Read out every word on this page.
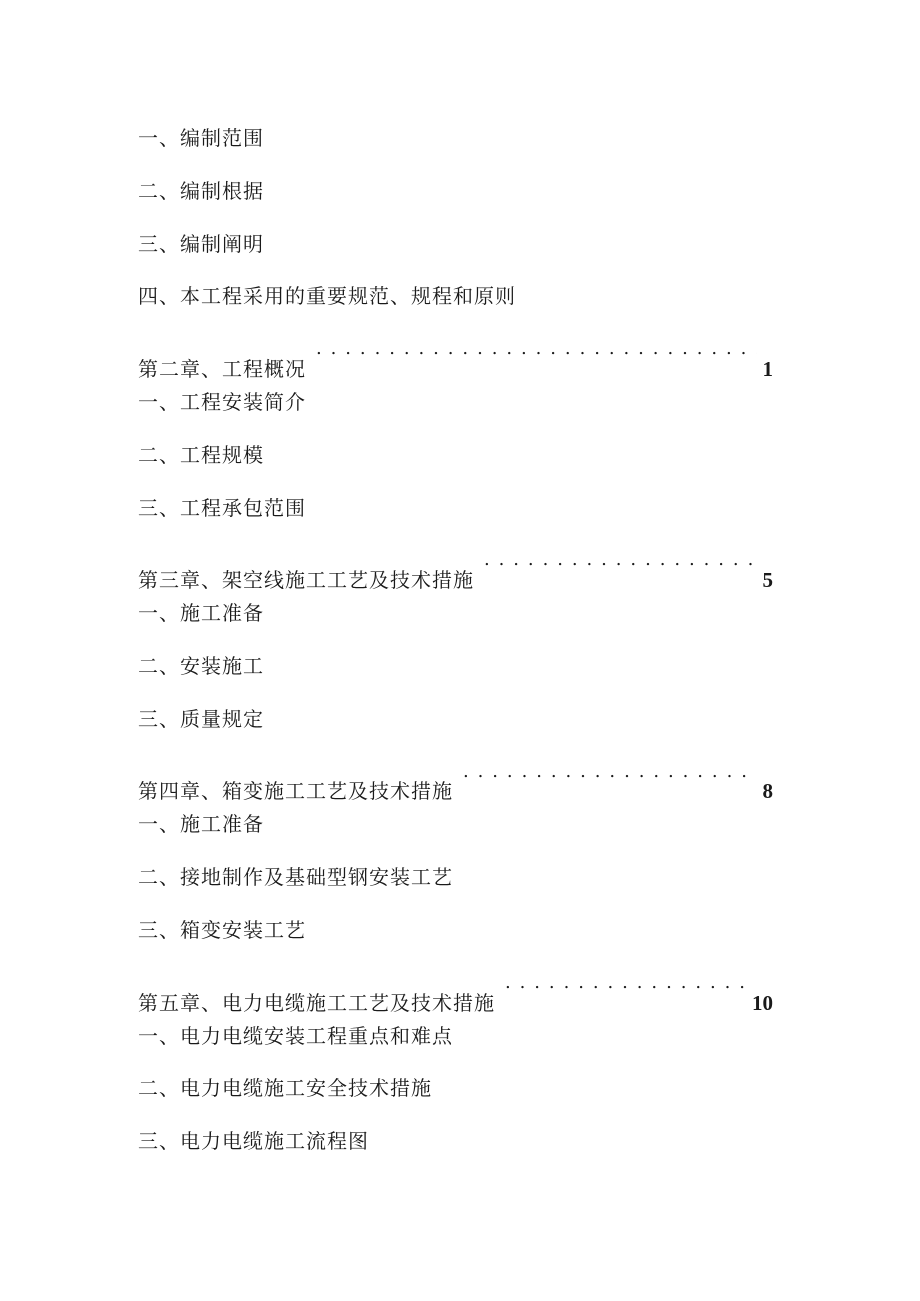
一、编制范围
二、编制根据
三、编制阐明
四、本工程采用的重要规范、规程和原则
第二章、工程概况 . . .	1
一、工程安装简介
二、工程规模
三、工程承包范围
第三章、架空线施工工艺及技术措施 . . .	5
一、施工准备
二、安装施工
三、质量规定
第四章、箱变施工工艺及技术措施 . . .	8
一、施工准备
二、接地制作及基础型钢安装工艺
三、箱变安装工艺
第五章、电力电缆施工工艺及技术措施 . . .	10
一、电力电缆安装工程重点和难点
二、电力电缆施工安全技术措施
三、电力电缆施工流程图
